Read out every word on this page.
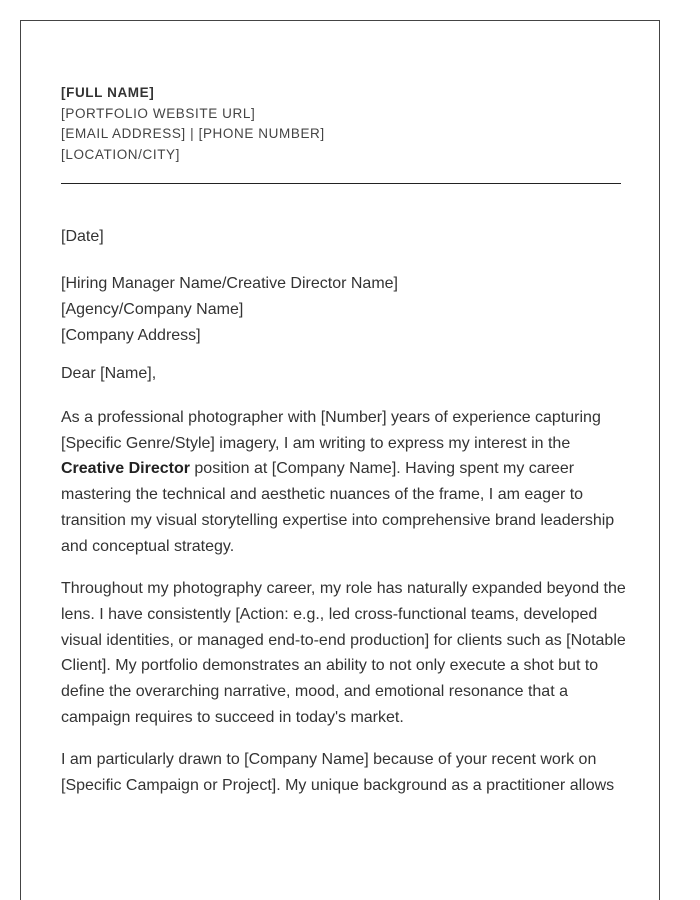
[FULL NAME]
[PORTFOLIO WEBSITE URL]
[EMAIL ADDRESS] | [PHONE NUMBER]
[LOCATION/CITY]
[Date]
[Hiring Manager Name/Creative Director Name]
[Agency/Company Name]
[Company Address]
Dear [Name],

As a professional photographer with [Number] years of experience capturing [Specific Genre/Style] imagery, I am writing to express my interest in the Creative Director position at [Company Name]. Having spent my career mastering the technical and aesthetic nuances of the frame, I am eager to transition my visual storytelling expertise into comprehensive brand leadership and conceptual strategy.

Throughout my photography career, my role has naturally expanded beyond the lens. I have consistently [Action: e.g., led cross-functional teams, developed visual identities, or managed end-to-end production] for clients such as [Notable Client]. My portfolio demonstrates an ability to not only execute a shot but to define the overarching narrative, mood, and emotional resonance that a campaign requires to succeed in today's market.

I am particularly drawn to [Company Name] because of your recent work on [Specific Campaign or Project]. My unique background as a practitioner allows
